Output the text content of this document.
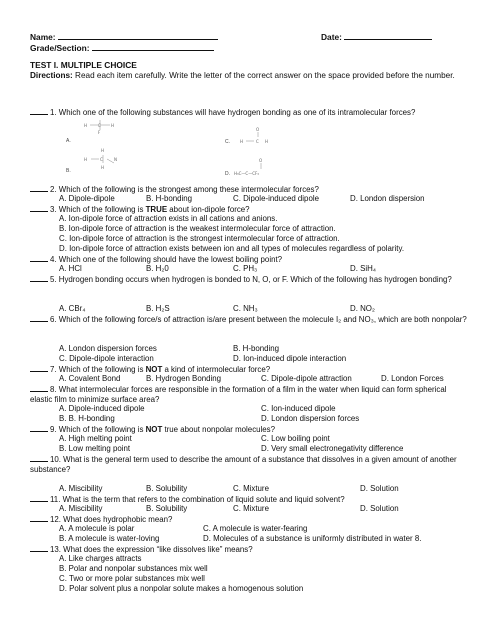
Name:	Date:
Grade/Section:
TEST I. MULTIPLE CHOICE
Directions: Read each item carefully. Write the letter of the correct answer on the space provided before the number.
1. Which one of the following substances will have hydrogen bonding as one of its intramolecular forces?
H	C	H
F
A.
H	C	N
H
H
B.
H	C H
O
C.
D. H₃C—C—CF₃
O
2. Which of the following is the strongest among these intermolecular forces?
A. Dipole-dipole	B. H-bonding	C. Dipole-induced dipole	D. London dispersion
3. Which of the following is TRUE about ion-dipole force?
A. Ion-dipole force of attraction exists in all cations and anions.
B. Ion-dipole force of attraction is the weakest intermolecular force of attraction.
C. Ion-dipole force of attraction is the strongest intermolecular force of attraction.
D. Ion-dipole force of attraction exists between ion and all types of molecules regardless of polarity.
4. Which one of the following should have the lowest boiling point?
A. HCl	B. H₂0	C. PH₃	D. SiH₄
5. Hydrogen bonding occurs when hydrogen is bonded to N, O, or F. Which of the following has hydrogen bonding?
A. CBr₄	B. H₂S	C. NH₃	D. NO₂
6. Which of the following force/s of attraction is/are present between the molecule I₂ and NO₃, which are both nonpolar?
A. London dispersion forces	B. H-bonding
C. Dipole-dipole interaction	D. Ion-induced dipole interaction
7. Which of the following is NOT a kind of intermolecular force?
A. Covalent Bond	B. Hydrogen Bonding	C. Dipole-dipole attraction	D. London Forces
8. What intermolecular forces are responsible in the formation of a film in the water when liquid can form spherical elastic film to minimize surface area?
A. Dipole-induced dipole	C. Ion-induced dipole
B. B. H-bonding	D. London dispersion forces
9. Which of the following is NOT true about nonpolar molecules?
A. High melting point	C. Low boiling point
B. Low melting point	D. Very small electronegativity difference
10. What is the general term used to describe the amount of a substance that dissolves in a given amount of another substance?
A. Miscibility	B. Solubility	C. Mixture	D. Solution
11. What is the term that refers to the combination of liquid solute and liquid solvent?
A. Miscibility	B. Solubility	C. Mixture	D. Solution
12. What does hydrophobic mean?
A. A molecule is polar	C. A molecule is water-fearing
B. A molecule is water-loving	D. Molecules of a substance is uniformly distributed in water 8.
13. What does the expression “like dissolves like” means?
A. Like charges attracts
B. Polar and nonpolar substances mix well
C. Two or more polar substances mix well
D. Polar solvent plus a nonpolar solute makes a homogenous solution
